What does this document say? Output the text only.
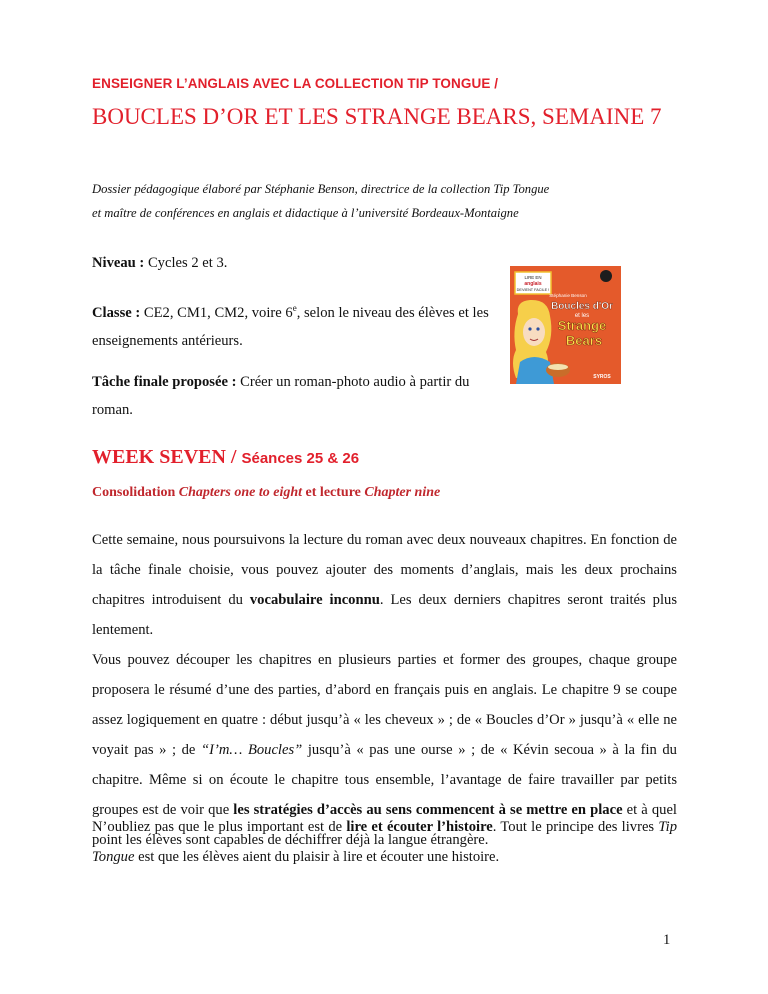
ENSEIGNER L’ANGLAIS AVEC LA COLLECTION TIP TONGUE /
BOUCLES D’OR ET LES STRANGE BEARS, SEMAINE 7
Dossier pédagogique élaboré par Stéphanie Benson, directrice de la collection Tip Tongue
et maître de conférences en anglais et didactique à l’université Bordeaux-Montaigne
Niveau : Cycles 2 et 3.
Classe : CE2, CM1, CM2, voire 6e, selon le niveau des élèves et les enseignements antérieurs.
Tâche finale proposée : Créer un roman-photo audio à partir du roman.
LIRE EN
anglais
DEVIENT FACILE !
Stéphanie Benson
Boucles d'Or
et les
Strange
Bears
SYROS
WEEK SEVEN / Séances 25 & 26
Consolidation Chapters one to eight et lecture Chapter nine

Cette semaine, nous poursuivons la lecture du roman avec deux nouveaux chapitres. En fonction de la tâche finale choisie, vous pouvez ajouter des moments d’anglais, mais les deux prochains chapitres introduisent du vocabulaire inconnu. Les deux derniers chapitres seront traités plus lentement.

Vous pouvez découper les chapitres en plusieurs parties et former des groupes, chaque groupe proposera le résumé d’une des parties, d’abord en français puis en anglais. Le chapitre 9 se coupe assez logiquement en quatre : début jusqu’à « les cheveux » ; de « Boucles d’Or » jusqu’à « elle ne voyait pas » ; de “I’m… Boucles” jusqu’à « pas une ourse » ; de « Kévin secoua » à la fin du chapitre. Même si on écoute le chapitre tous ensemble, l’avantage de faire travailler par petits groupes est de voir que les stratégies d’accès au sens commencent à se mettre en place et à quel point les élèves sont capables de déchiffrer déjà la langue étrangère.

N’oubliez pas que le plus important est de lire et écouter l’histoire. Tout le principe des livres Tip Tongue est que les élèves aient du plaisir à lire et écouter une histoire.

1
